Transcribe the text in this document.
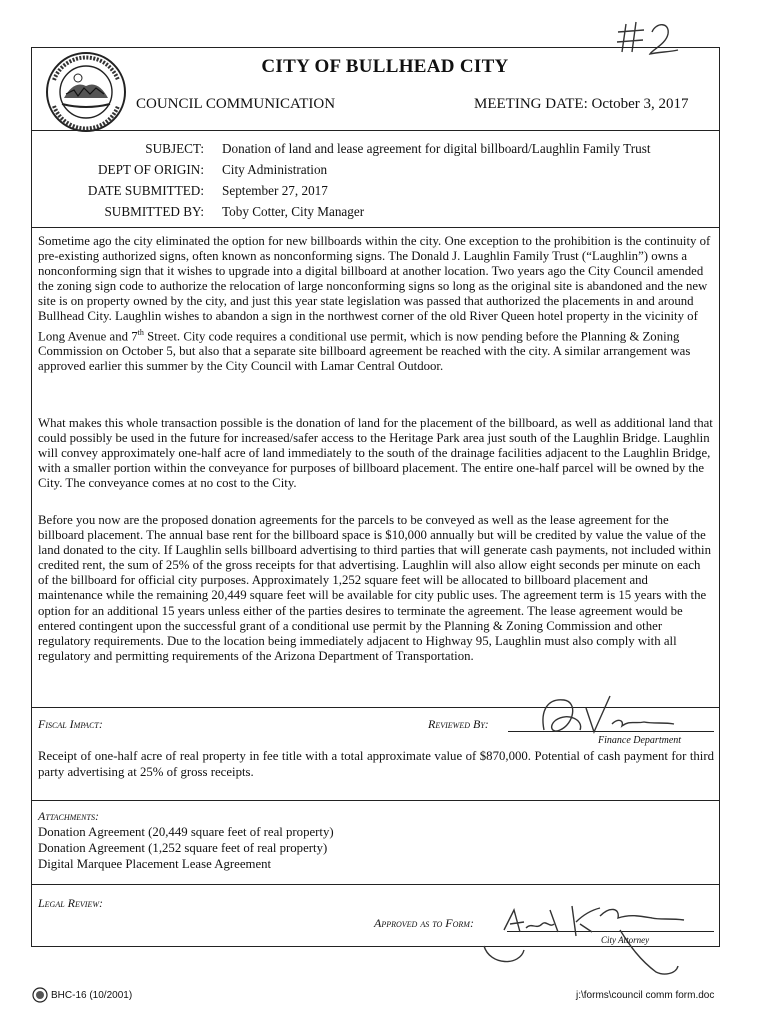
CITY OF BULLHEAD CITY
COUNCIL COMMUNICATION	MEETING DATE: October 3, 2017
SUBJECT: Donation of land and lease agreement for digital billboard/Laughlin Family Trust
DEPT OF ORIGIN: City Administration
DATE SUBMITTED: September 27, 2017
SUBMITTED BY: Toby Cotter, City Manager
Sometime ago the city eliminated the option for new billboards within the city. One exception to the prohibition is the continuity of pre-existing authorized signs, often known as nonconforming signs. The Donald J. Laughlin Family Trust (“Laughlin”) owns a nonconforming sign that it wishes to upgrade into a digital billboard at another location. Two years ago the City Council amended the zoning sign code to authorize the relocation of large nonconforming signs so long as the original site is abandoned and the new site is on property owned by the city, and just this year state legislation was passed that authorized the placements in and around Bullhead City. Laughlin wishes to abandon a sign in the northwest corner of the old River Queen hotel property in the vicinity of Long Avenue and 7th Street. City code requires a conditional use permit, which is now pending before the Planning & Zoning Commission on October 5, but also that a separate site billboard agreement be reached with the city. A similar arrangement was approved earlier this summer by the City Council with Lamar Central Outdoor.
What makes this whole transaction possible is the donation of land for the placement of the billboard, as well as additional land that could possibly be used in the future for increased/safer access to the Heritage Park area just south of the Laughlin Bridge. Laughlin will convey approximately one-half acre of land immediately to the south of the drainage facilities adjacent to the Laughlin Bridge, with a smaller portion within the conveyance for purposes of billboard placement. The entire one-half parcel will be owned by the City. The conveyance comes at no cost to the City.
Before you now are the proposed donation agreements for the parcels to be conveyed as well as the lease agreement for the billboard placement. The annual base rent for the billboard space is $10,000 annually but will be credited by value the value of the land donated to the city. If Laughlin sells billboard advertising to third parties that will generate cash payments, not included within credited rent, the sum of 25% of the gross receipts for that advertising. Laughlin will also allow eight seconds per minute on each of the billboard for official city purposes. Approximately 1,252 square feet will be allocated to billboard placement and maintenance while the remaining 20,449 square feet will be available for city public uses. The agreement term is 15 years with the option for an additional 15 years unless either of the parties desires to terminate the agreement. The lease agreement would be entered contingent upon the successful grant of a conditional use permit by the Planning & Zoning Commission and other regulatory requirements. Due to the location being immediately adjacent to Highway 95, Laughlin must also comply with all regulatory and permitting requirements of the Arizona Department of Transportation.
Fiscal Impact:	Reviewed By:
Finance Department
Receipt of one-half acre of real property in fee title with a total approximate value of $870,000. Potential of cash payment for third party advertising at 25% of gross receipts.
Attachments:
Donation Agreement (20,449 square feet of real property)
Donation Agreement (1,252 square feet of real property)
Digital Marquee Placement Lease Agreement
Legal Review:
Approved as to Form:
City Attorney
BHC-16 (10/2001)	j:\forms\council comm form.doc
